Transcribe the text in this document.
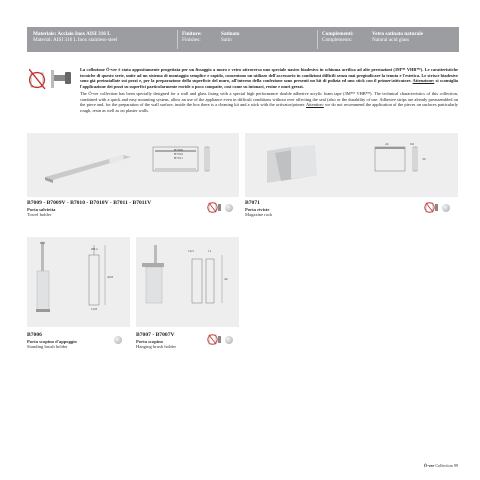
Materiale: Acciaio Inox AISI 316 L
Material: AISI 316 L Inox stainless-steel
Finiture:
Finishes:
Satinato
Satin
Complementi:
Complements:
Vetro satinato naturale
Natural acid glass

La collezione Ó-ver è stata appositamente progettata per un fissaggio a muro e vetro attraverso uno speciale nastro biadesivo in schiuma acrilica ad alte prestazioni (3M™ VHB™). Le caratteristiche tecniche di questo serie, unite ad un sistema di montaggio semplice e rapido, consentono un utilizzo dell'accessorio in condizioni difficili senza mai pregiudicare la tenuta e l'estetica. Le strisce biadesive sono già preinstallate sui pezzi e, per la preparazione della superficie del muro, all'interno della confezione sono presenti un kit di pulizia ed uno stick con il primer/attivatore. Attenzione: si sconsiglia l'applicazione dei pezzi su superfici particolarmente ruvide o poco compatte, così come su intonaci, resine e muri grezzi.

The Ó-ver collection has been specially designed for a wall and glass fixing with a special high performance double adhesive acrylic foam tape (3M™ VHB™). The technical characteristics of this collection, combined with a quick and easy mounting system, allow an use of the appliance even in difficult conditions without ever affecting the seal (also or the durability of use. Adhesive strips are already preassembled on the piece and, for the preparation of the wall surface, inside the box there is a cleaning kit and a stick with the activator/primer. Attention: we do not recommend the application of the pieces on surfaces particularly rough, resin as well as on plaster walls.

B7009
B7010
B7011
24	9.0
30
Ø8.2
40.8
10.8
10.5	11
40
B7009 - B7009V - B7010 - B7010V - B7011 - B7011V
Porta salvietta
Towel holder
B7071
Porta riviste
Magazine rack
B7006
Porta scopino d'appoggio
Standing brush holder
B7007 - B7007V
Porta scopino
Hanging brush holder
Ó-ver Collection 99
